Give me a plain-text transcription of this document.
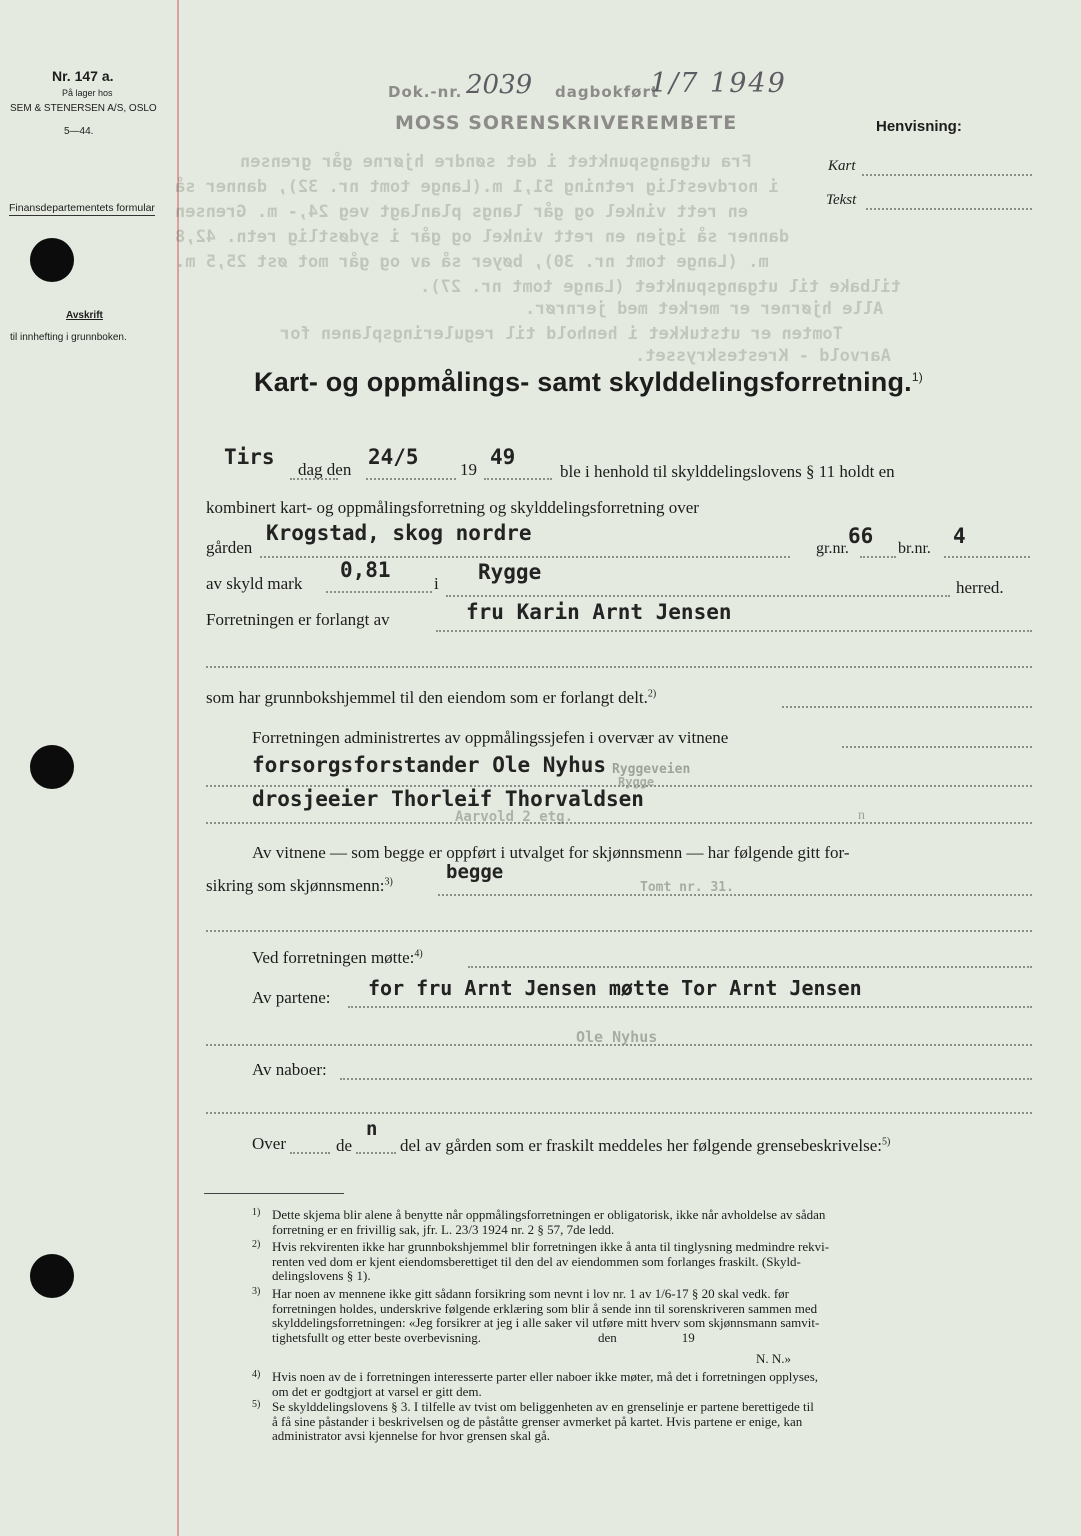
Nr. 147 a.
På lager hos
SEM & STENERSEN A/S, OSLO
5—44.
Finansdepartementets formular
Avskrift
til innhefting i grunnboken.
Dok.-nr. 2039 dagbokført
1/7 1949
MOSS SORENSKRIVEREMBETE	Henvisning:
Kart
Tekst
Fra utgangspunktet i det søndre hjørne går grensen
i nordvestlig retning 51,1 m.(Lange tomt nr. 32), danner så
en rett vinkel og går langs planlagt veg 24,- m. Grensen
danner så igjen en rett vinkel og går i sydøstlig retn. 42,8
m. (Lange tomt nr. 30), bøyer så av og går mot øst 25,5 m.
tilbake til utgangspunktet (Lange tomt nr. 27).
Alle hjørner er merket med jernrør.
Tomten er utstukket i henhold til reguleringsplanen for
Aarvold - Kresteskrysset.
Kart- og oppmålings- samt skylddelingsforretning.$^{1)}$
Tirs
dag den
24/5
19
49
ble i henhold til skylddelingslovens § 11 holdt en
kombinert kart- og oppmålingsforretning og skylddelingsforretning over
gården
Krogstad, skog nordre
gr.nr.
66
br.nr.
4
av skyld mark
0,81
i Rygge
herred.
Forretningen er forlangt av	fru Karin Arnt Jensen
som har grunnbokshjemmel til den eiendom som er forlangt delt.$^{2)}$
Forretningen administrertes av oppmålingssjefen i overvær av vitnene
forsorgsforstander Ole Nyhus Ryggeveien
Rygge
drosjeeier Thorleif Thorvaldsen
Aarvold 2 etg.	n
Av vitnene — som begge er oppført i utvalget for skjønnsmenn — har følgende gitt for-
sikring som skjønnsmenn:$^{3)}$	begge
Tomt nr. 31.
Ved forretningen møtte:$^{4)}$
Av partene: for fru Arnt Jensen møtte Tor Arnt Jensen
Ole Nyhus
Av naboer:
Over	de
n
del av gården som er fraskilt meddeles her følgende grensebeskrivelse:$^{5)}$
1) Dette skjema blir alene å benytte når oppmålingsforretningen er obligatorisk, ikke når avholdelse av sådan
forretning er en frivillig sak, jfr. L. 23/3 1924 nr. 2 § 57, 7de ledd.
2) Hvis rekvirenten ikke har grunnbokshjemmel blir forretningen ikke å anta til tinglysning medmindre rekvi-
renten ved dom er kjent eiendomsberettiget til den del av eiendommen som forlanges fraskilt. (Skyld-
delingslovens § 1).
3) Har noen av mennene ikke gitt sådann forsikring som nevnt i lov nr. 1 av 1/6-17 § 20 skal vedk. før
forretningen holdes, underskrive følgende erklæring som blir å sende inn til sorenskriveren sammen med
skylddelingsforretningen: «Jeg forsikrer at jeg i alle saker vil utføre mitt hverv som skjønnsmann samvit-
tighetsfullt og etter beste overbevisning.                                    den                    19
N. N.»
4) Hvis noen av de i forretningen interesserte parter eller naboer ikke møter, må det i forretningen opplyses,
om det er godtgjort at varsel er gitt dem.
5) Se skylddelingslovens § 3. I tilfelle av tvist om beliggenheten av en grenselinje er partene berettigede til
å få sine påstander i beskrivelsen og de påståtte grenser avmerket på kartet. Hvis partene er enige, kan
administrator avsi kjennelse for hvor grensen skal gå.
